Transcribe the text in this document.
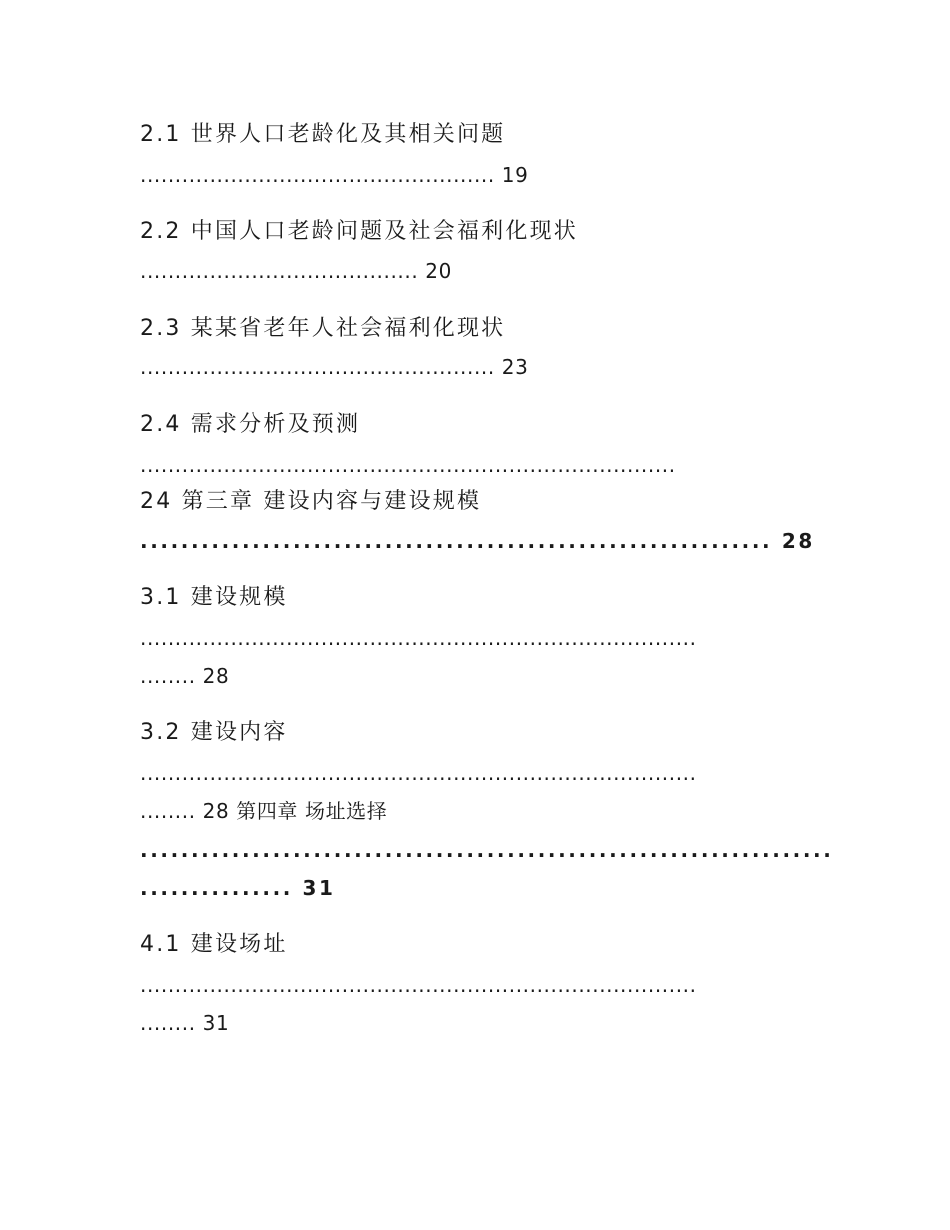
2.1 世界人口老龄化及其相关问题
................................................... 19
2.2 中国人口老龄问题及社会福利化现状
........................................ 20
2.3 某某省老年人社会福利化现状
................................................... 23
2.4 需求分析及预测
.............................................................................
24 第三章 建设内容与建设规模
.............................................................. 28
3.1 建设规模
................................................................................
........ 28
3.2 建设内容
................................................................................
........ 28 第四章 场址选择
....................................................................
............... 31
4.1 建设场址
................................................................................
........ 31
